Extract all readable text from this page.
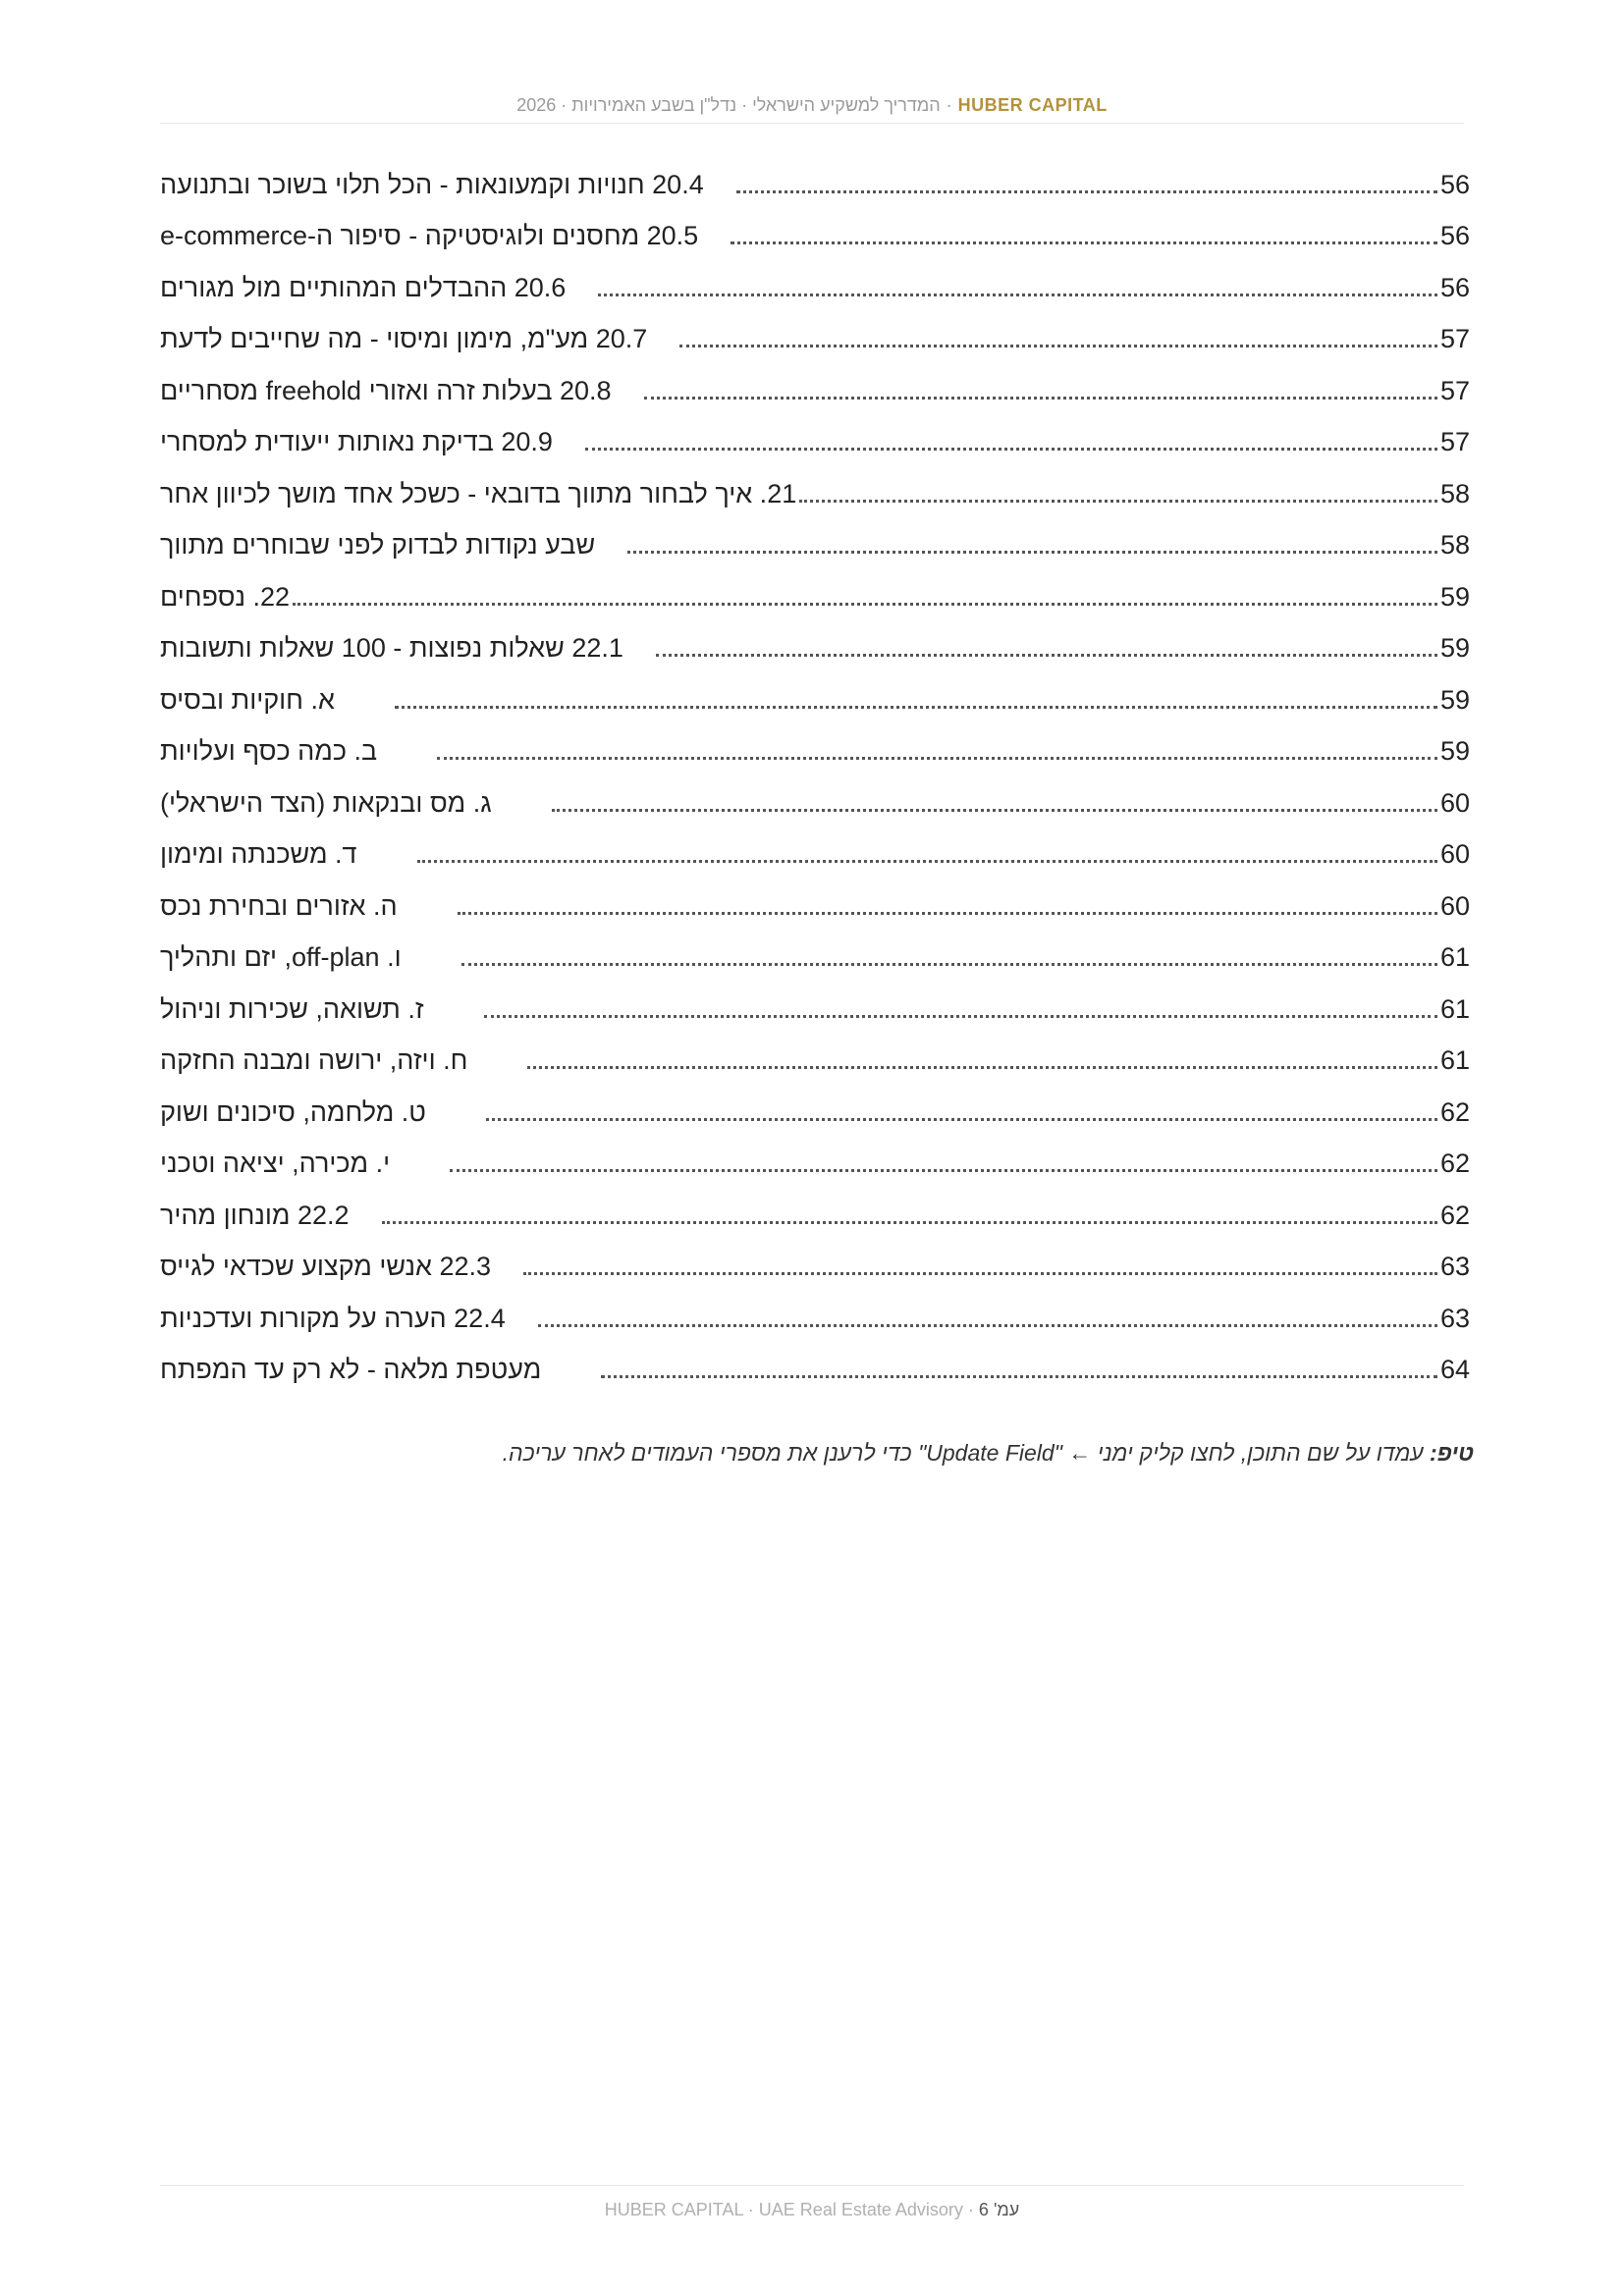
HUBER CAPITAL·המדריך למשקיע הישראלי · נדל"ן בשבע האמירויות · 2026
20.4 חנויות וקמעונאות - הכל תלוי בשוכר ובתנועה	56
20.5 מחסנים ולוגיסטיקה - סיפור ה-e-commerce	56
20.6 ההבדלים המהותיים מול מגורים	56
20.7 מע"מ, מימון ומיסוי - מה שחייבים לדעת	57
20.8 בעלות זרה ואזורי freehold מסחריים	57
20.9 בדיקת נאותות ייעודית למסחרי	57
21. איך לבחור מתווך בדובאי - כשכל אחד מושך לכיוון אחר	58
שבע נקודות לבדוק לפני שבוחרים מתווך	58
22. נספחים	59
22.1 שאלות נפוצות - 100 שאלות ותשובות	59
א. חוקיות ובסיס	59
ב. כמה כסף ועלויות	59
ג. מס ובנקאות (הצד הישראלי)	60
ד. משכנתה ומימון	60
ה. אזורים ובחירת נכס	60
ו. off-plan, יזם ותהליך	61
ז. תשואה, שכירות וניהול	61
ח. ויזה, ירושה ומבנה החזקה	61
ט. מלחמה, סיכונים ושוק	62
י. מכירה, יציאה וטכני	62
22.2 מונחון מהיר	62
22.3 אנשי מקצוע שכדאי לגייס	63
22.4 הערה על מקורות ועדכניות	63
מעטפת מלאה - לא רק עד המפתח	64
טיפ: עמדו על שם התוכן, לחצו קליק ימני ← "Update Field" כדי לרענן את מספרי העמודים לאחר עריכה.
עמ' 6 · HUBER CAPITAL · UAE Real Estate Advisory
